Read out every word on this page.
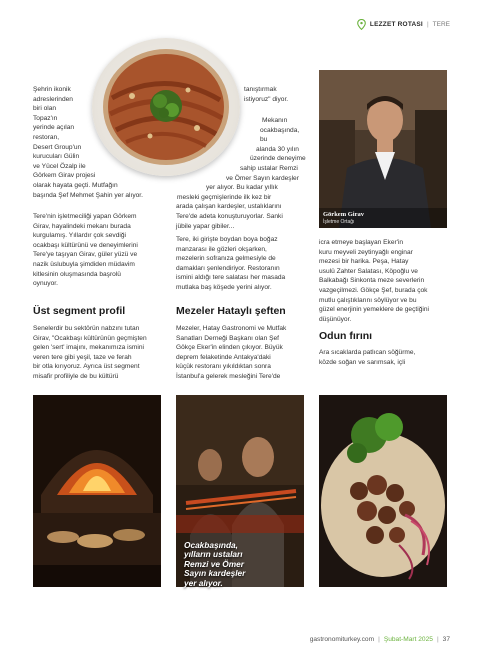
LEZZET ROTASI | TERE

Şehrin ikonik

adreslerinden

biri olan

Topaz'ın

yerinde açılan

restoran,

Desert Group'un

kurucuları Gülin

ve Yücel Özalp ile

Görkem Girav projesi

olarak hayata geçti. Mutfağın

başında Şef Mehmet Şahin yer alıyor.

Tere'nin işletmeciliği yapan Görkem

Girav, hayalindeki mekanı burada

kurgulamış. Yıllardır çok sevdiği

ocakbaşı kültürünü ve deneyimlerini

Tere'ye taşıyan Girav, güler yüzü ve

nazik üslubuyla şimdiden müdavim

kitlesinin oluşmasında başrolü

oynuyor.

Üst segment profil

Senelerdir bu sektörün nabzını tutan

Girav, "Ocakbaşı kültürünün geçmişten

gelen 'sert' imajını, mekanımıza ismini

veren tere gibi yeşil, taze ve ferah

bir otla kırıyoruz. Ayrıca üst segment

misafir profiliyle de bu kültürü

tanıştırmak

istiyoruz" diyor.

Mekanın

ocakbaşında, bu

alanda 30 yılın

üzerinde deneyime

sahip ustalar Remzi

ve Ömer Sayın kardeşler

yer alıyor. Bu kadar yıllık

mesleki geçmişlerinde ilk kez bir

arada çalışan kardeşler, ustalıklarını

Tere'de adeta konuşturuyorlar. Sanki

jübile yapar gibiler...

Tere, iki girişte boydan boya boğaz

manzarası ile gözleri okşarken,

mezelerin sofranıza gelmesiyle de

damakları şenlendiriyor. Restoranın

ismini aldığı tere salatası her masada

mutlaka baş köşede yerini alıyor.

Mezeler Hataylı şeften

Mezeler, Hatay Gastronomi ve Mutfak

Sanatları Derneği Başkanı olan Şef

Gökçe Eker'in elinden çıkıyor. Büyük

deprem felaketinde Antakya'daki

küçük restoranı yıkıldıktan sonra

İstanbul'a gelerek mesleğini Tere'de

Görkem Girav

İşletme Ortağı

icra etmeye başlayan Eker'in

kuru meyveli zeytinyağlı enginar

mezesi bir harika. Peşa, Hatay

usulü Zahter Salatası, Köpoğlu ve

Balkabağı Sinkonta meze severlerin

vazgeçilmezi. Gökçe Şef, burada çok

mutlu çalıştıklarını söylüyor ve bu

güzel enerjinin yemeklere de geçtiğini

düşünüyor.

Odun fırını

Ara sıcaklarda patlıcan söğürme,

közde soğan ve sarımsak, içli

Ocakbaşında,
yılların ustaları
Remzi ve Ömer
Sayın kardeşler
yer alıyor.

gastronomiturkey.com | Şubat-Mart 2025 | 37
